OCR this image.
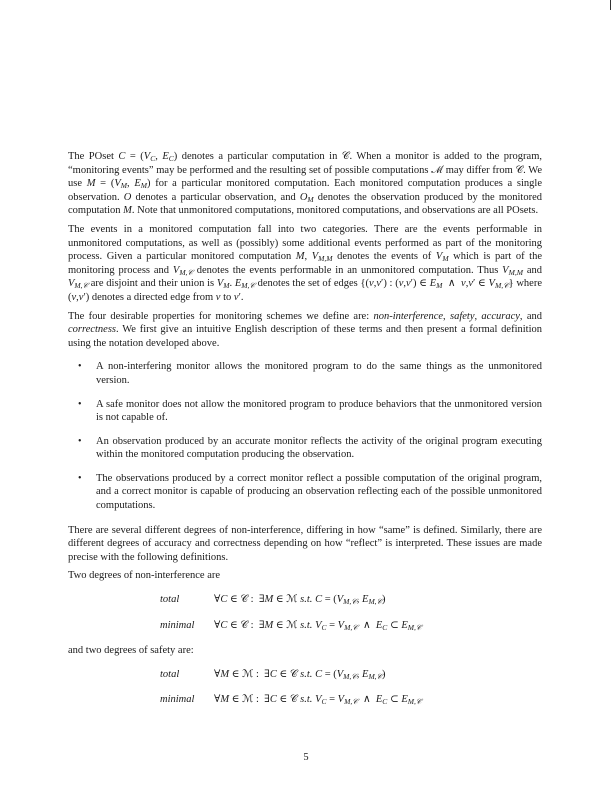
The POset $C = (V_C$, $E_C$) denotes a particular computation in 𝒞. When a monitor is added to the program, “monitoring events” may be performed and the resulting set of possible computations ℳ may differ from 𝒞. We use $M = (V_M$, $E_M$) for a particular monitored computation. Each monitored computation produces a single observation. O denotes a particular observation, and $O_M$ denotes the observation produced by the monitored computation M. Note that unmonitored computations, monitored computations, and observations are all POsets.

The events in a monitored computation fall into two categories. There are the events performable in unmonitored computations, as well as (possibly) some additional events performed as part of the monitoring process. Given a particular monitored computation M, $V_{M,M}$ denotes the events of $V_M$ which is part of the monitoring process and $V_{M,𝒞}$ denotes the events performable in an unmonitored computation. Thus $V_{M,M}$ and $V_{M,𝒞}$ are disjoint and their union is $V_M$. $E_{M,𝒞}$ denotes the set of edges {(v,v′) : (v,v′) ∈ $E_M$  ∧  v,v′ ∈ $V_{M,𝒞}$} where (v,v′) denotes a directed edge from v to v′.

The four desirable properties for monitoring schemes we define are: non-interference, safety, accuracy, and correctness. We first give an intuitive English description of these terms and then present a formal definition using the notation developed above.

• A non-interfering monitor allows the monitored program to do the same things as the unmonitored version.
• A safe monitor does not allow the monitored program to produce behaviors that the unmonitored version is not capable of.
• An observation produced by an accurate monitor reflects the activity of the original program executing within the monitored computation producing the observation.
• The observations produced by a correct monitor reflect a possible computation of the original program, and a correct monitor is capable of producing an observation reflecting each of the possible unmonitored computations.

There are several different degrees of non-interference, differing in how “same” is defined. Similarly, there are different degrees of accuracy and correctness depending on how “reflect” is interpreted. These issues are made precise with the following definitions.

Two degrees of non-interference are

total	∀C ∈ 𝒞 :  ∃M ∈ ℳ s.t. $C = (V_{M,𝒞}$, $E_{M,𝒞}$)
minimal	∀C ∈ 𝒞 :  ∃M ∈ ℳ s.t. $V_C = V_{M,𝒞}$  ∧  $E_C$ ⊂ $E_{M,𝒞}$

and two degrees of safety are:

total	∀M ∈ ℳ :  ∃C ∈ 𝒞 s.t. $C = (V_{M,𝒞}$, $E_{M,𝒞}$)
minimal	∀M ∈ ℳ :  ∃C ∈ 𝒞 s.t. $V_C = V_{M,𝒞}$  ∧  $E_C$ ⊂ $E_{M,𝒞}$
5
